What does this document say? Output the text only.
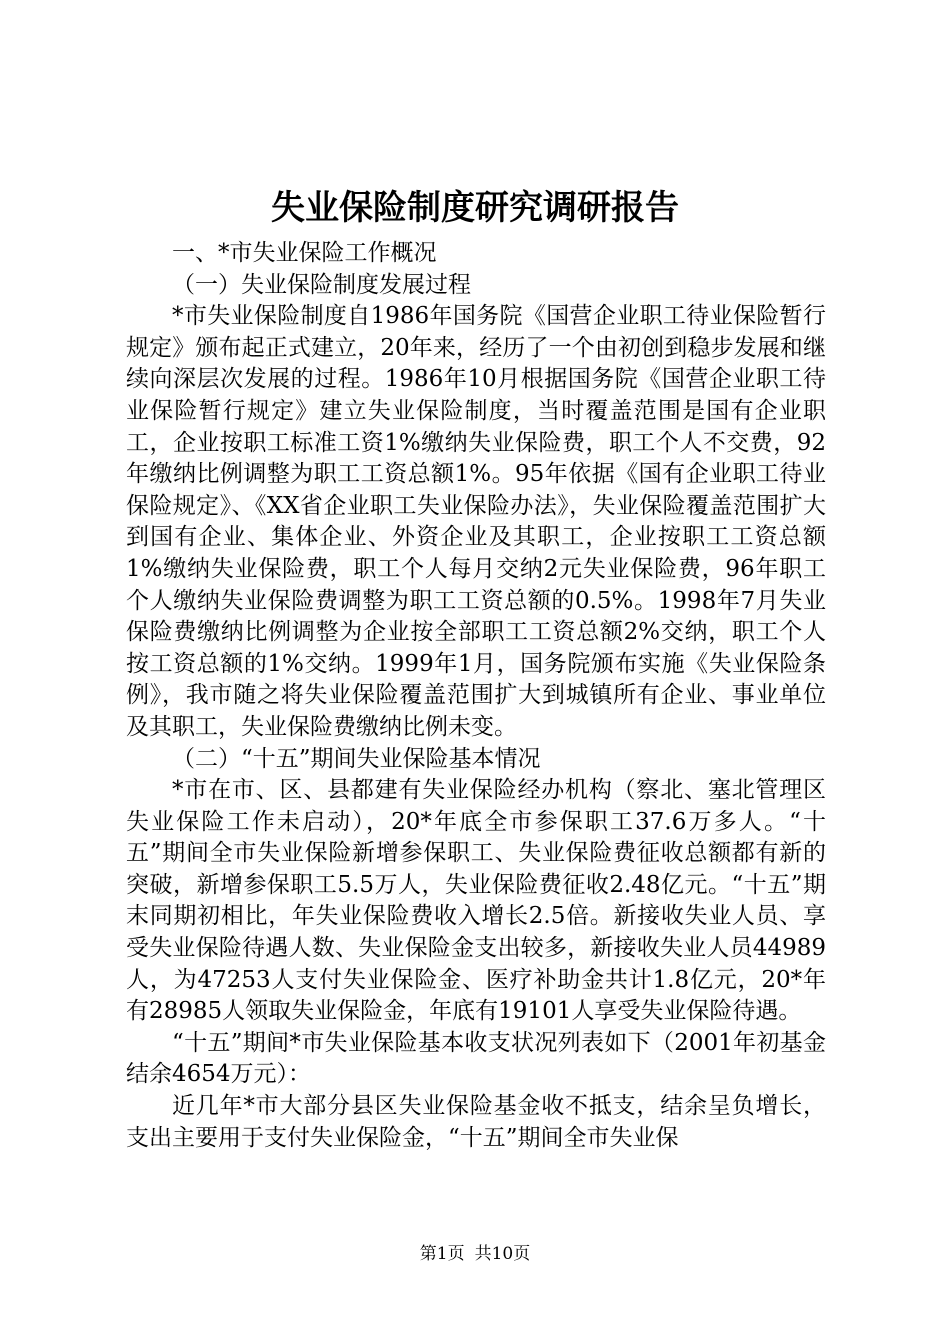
失业保险制度研究调研报告

一、*市失业保险工作概况

（一）失业保险制度发展过程

*市失业保险制度自1986年国务院《国营企业职工待业保险暂行规定》颁布起正式建立，20年来，经历了一个由初创到稳步发展和继续向深层次发展的过程。1986年10月根据国务院《国营企业职工待业保险暂行规定》建立失业保险制度，当时覆盖范围是国有企业职工，企业按职工标准工资1%缴纳失业保险费，职工个人不交费，92年缴纳比例调整为职工工资总额1%。95年依据《国有企业职工待业保险规定》、《XX省企业职工失业保险办法》，失业保险覆盖范围扩大到国有企业、集体企业、外资企业及其职工，企业按职工工资总额1%缴纳失业保险费，职工个人每月交纳2元失业保险费，96年职工个人缴纳失业保险费调整为职工工资总额的0.5%。1998年7月失业保险费缴纳比例调整为企业按全部职工工资总额2%交纳，职工个人按工资总额的1%交纳。1999年1月，国务院颁布实施《失业保险条例》，我市随之将失业保险覆盖范围扩大到城镇所有企业、事业单位及其职工，失业保险费缴纳比例未变。

（二）“十五”期间失业保险基本情况

*市在市、区、县都建有失业保险经办机构（察北、塞北管理区失业保险工作未启动），20*年底全市参保职工37.6万多人。“十五”期间全市失业保险新增参保职工、失业保险费征收总额都有新的突破，新增参保职工5.5万人，失业保险费征收2.48亿元。“十五”期末同期初相比，年失业保险费收入增长2.5倍。新接收失业人员、享受失业保险待遇人数、失业保险金支出较多，新接收失业人员44989人，为47253人支付失业保险金、医疗补助金共计1.8亿元，20*年有28985人领取失业保险金，年底有19101人享受失业保险待遇。

“十五”期间*市失业保险基本收支状况列表如下（2001年初基金结余4654万元）：

近几年*市大部分县区失业保险基金收不抵支，结余呈负增长，支出主要用于支付失业保险金，“十五”期间全市失业保

第1页 共10页
